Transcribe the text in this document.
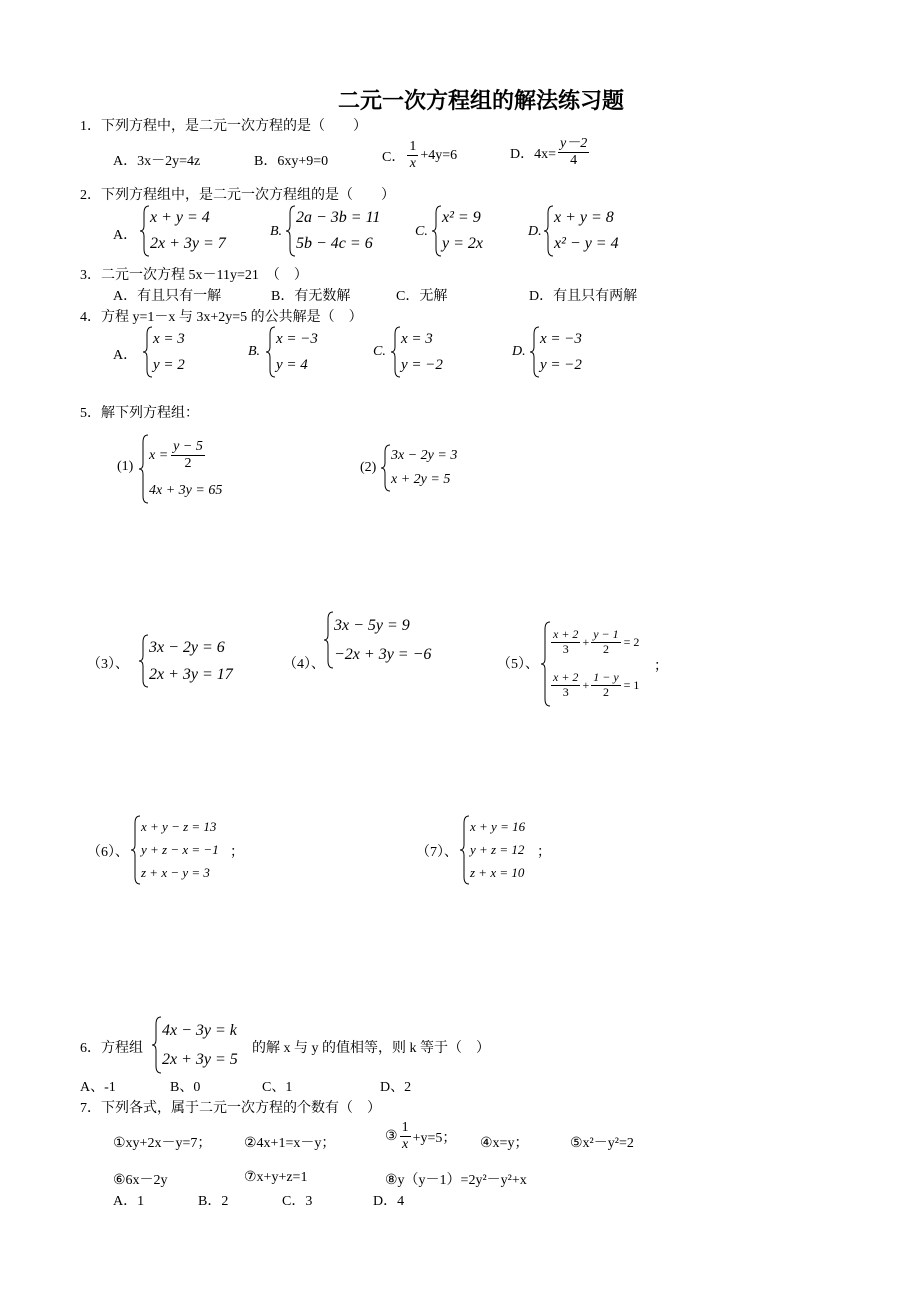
二元一次方程组的解法练习题
1．下列方程中，是二元一次方程的是（　　）
A．3x－2y=4z	B．6xy+9=0	C． $\frac{1}{x} +4y=6$	D．$4x= \frac{y-2}{4}$
2．下列方程组中，是二元一次方程组的是（　　）
A．
x + y = 4
2x + 3y = 7
B.
2a − 3b = 11
5b − 4c = 6
C.
x² = 9
y = 2x
D.
x + y = 8
x² − y = 4
3．二元一次方程 5x－11y=21　（　）
A．有且只有一解	B．有无数解	C．无解	D．有且只有两解
4．方程 y=1－x 与 3x+2y=5 的公共解是（　）
A．
x = 3
y = 2
B.
x = −3
y = 4
C.
x = 3
y = −2
D.
x = −3
y = −2
5．解下列方程组：
(1)
$x = \frac{y - 5}{2}$
4x + 3y = 65
(2)
3x − 2y = 3
x + 2y = 5
（3）、
3x − 2y = 6
2x + 3y = 17
（4）、
3x − 5y = 9
−2x + 3y = −6
（5）、
$\frac{x + 2}{3} + \frac{y - 1}{2} = 2$
$\frac{x + 2}{3} + \frac{1 - y}{2} = 1$
；
（6）、
x + y − z = 13
y + z − x = −1
z + x − y = 3
；	（7）、
x + y = 16
y + z = 12
z + x = 10
；
6．方程组
4x − 3y = k
2x + 3y = 5
的解 x 与 y 的值相等，则 k 等于（　）
A、-1	B、0	C、1	D、2
7．下列各式，属于二元一次方程的个数有（　）
①xy+2x－y=7； ②4x+1=x－y；	③ $\frac{1}{x} +y=5$； ④x=y；	⑤x²－y²=2
⑥6x－2y	⑦x+y+z=1	⑧y（y－1）=2y²－y²+x
A．1	B．2	C．3	D．4
